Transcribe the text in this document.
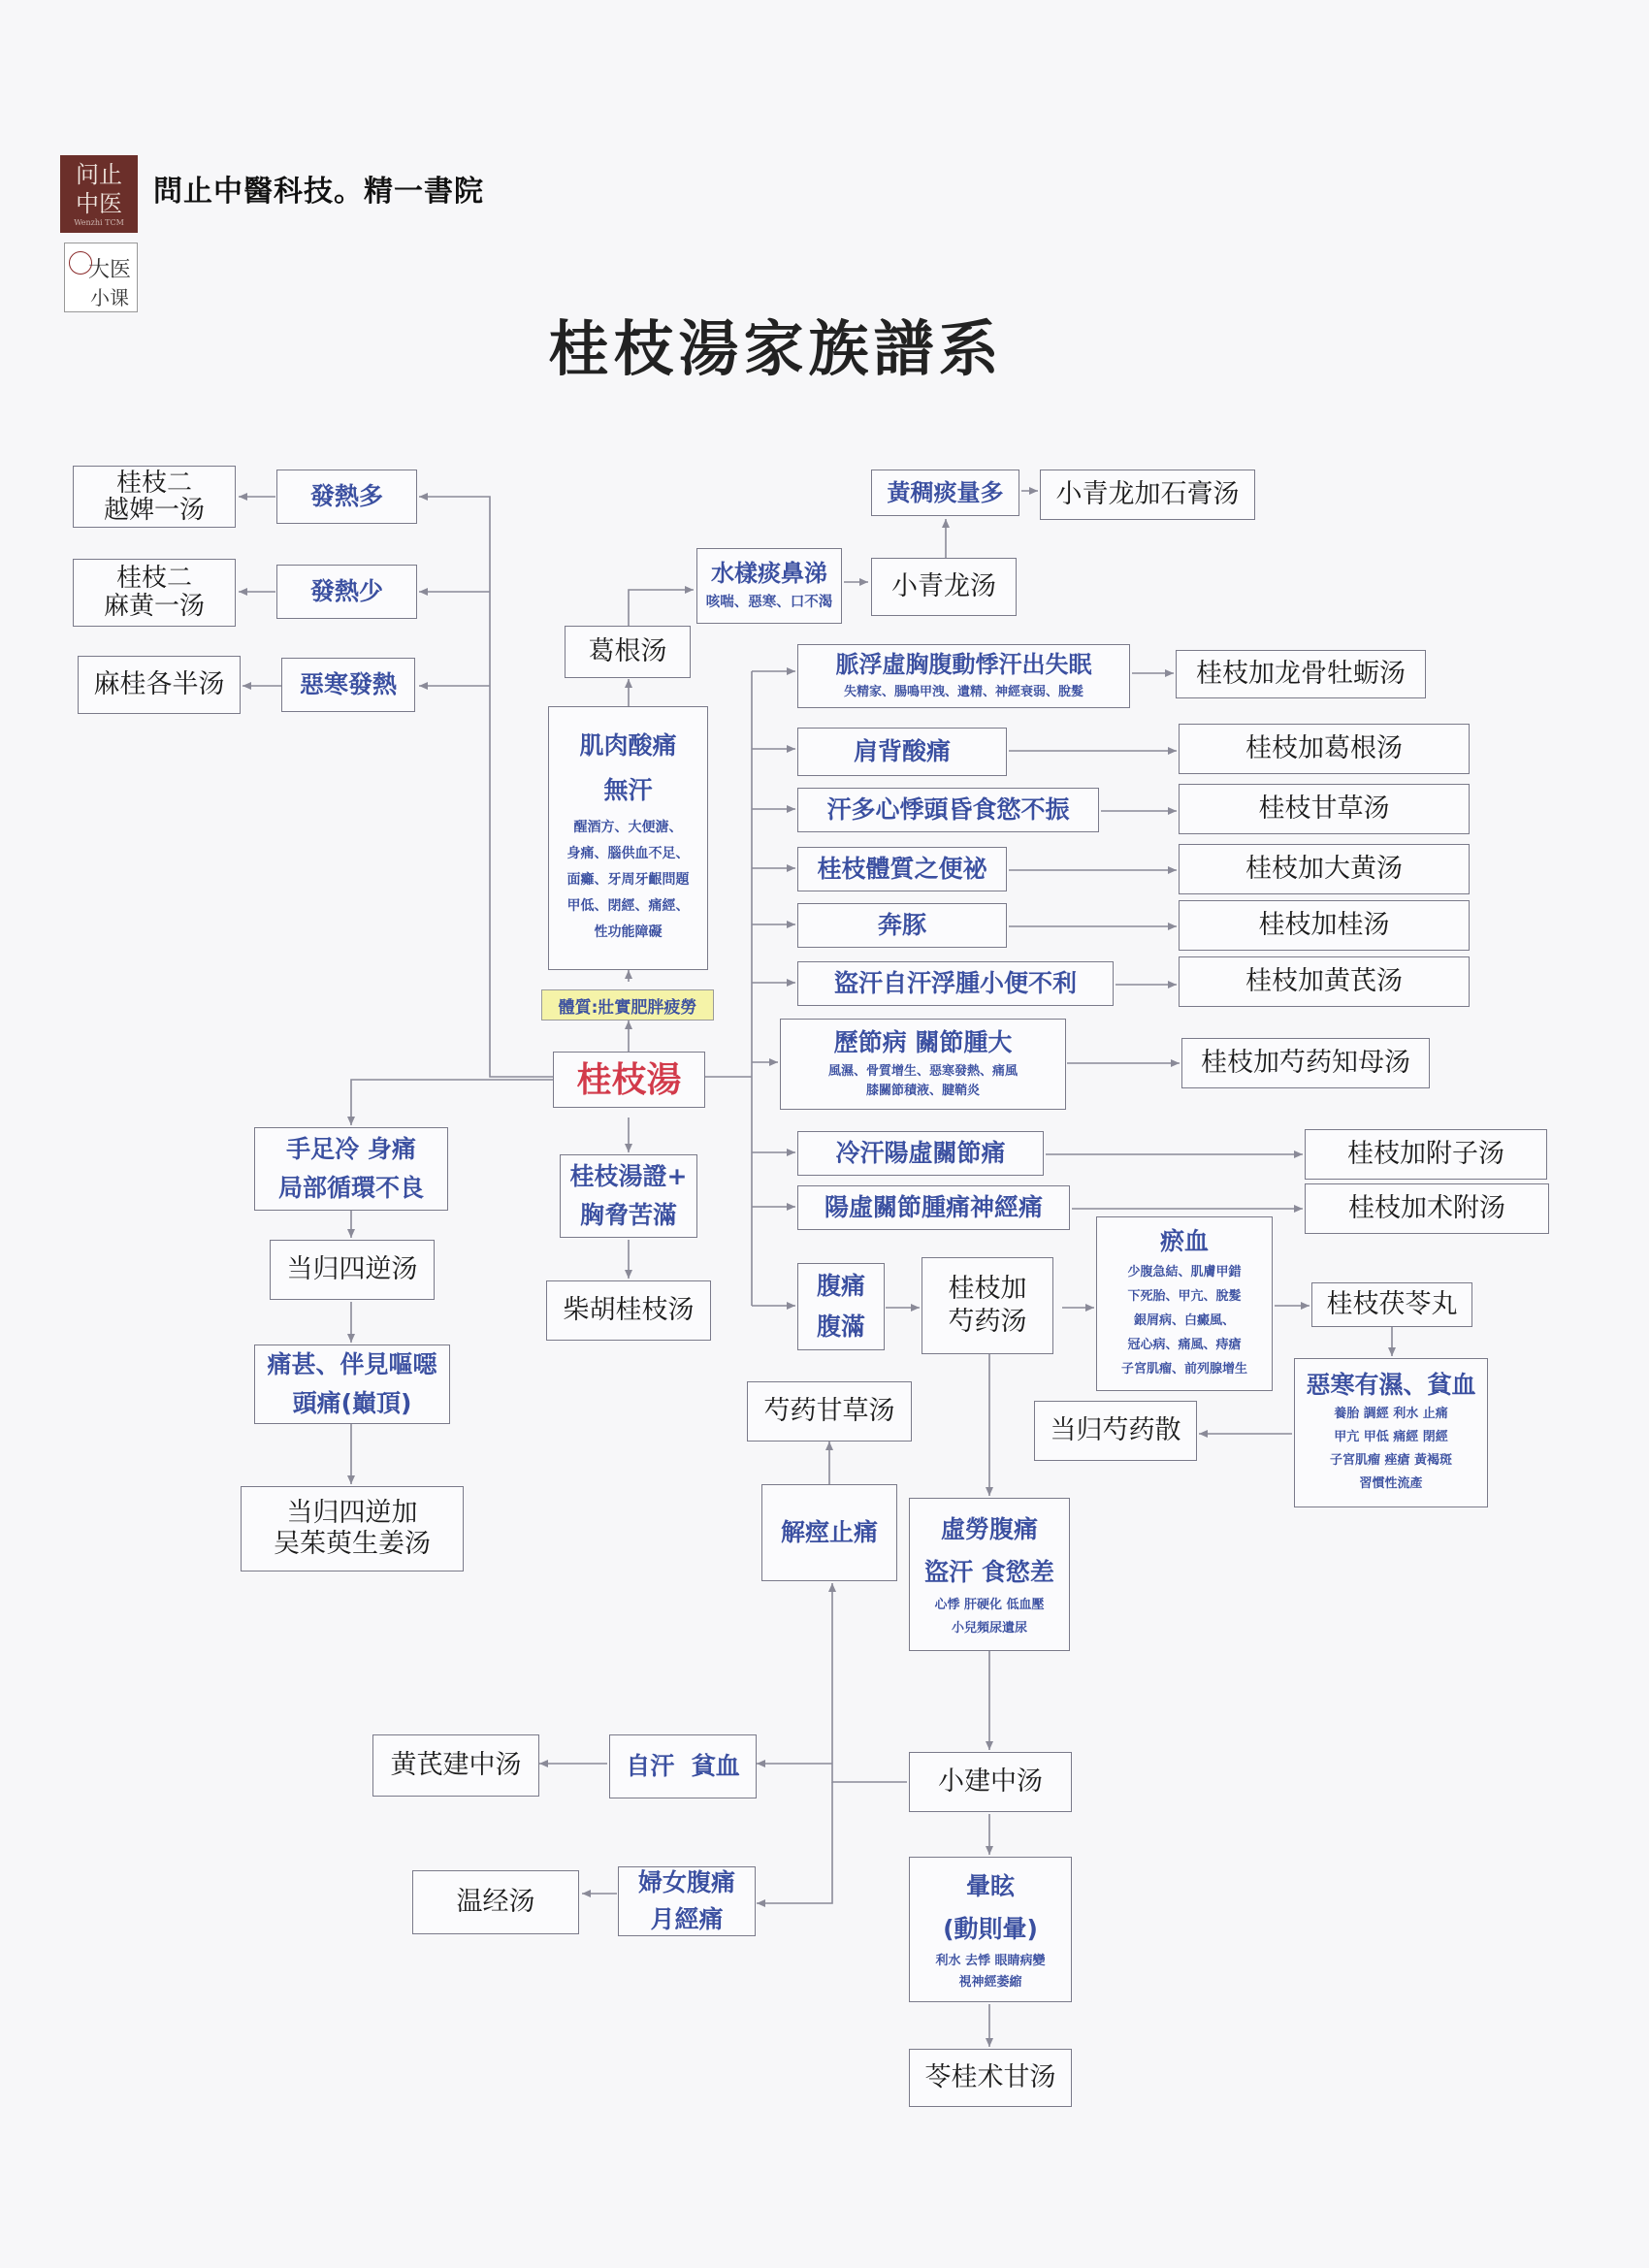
问止
中医
Wenzhi TCM
大医
小课
問止中醫科技。精一書院
桂枝湯家族譜系
桂枝二
越婢一汤	發熱多
桂枝二
麻黄一汤
發熱少
麻桂各半汤	惡寒發熱
小青龙加石膏汤
黃稠痰量多
小青龙汤
水樣痰鼻涕
咳喘、惡寒、口不渴
葛根汤
肌肉酸痛
無汗
醒酒方、大便溏、
身痛、腦供血不足、
面癱、牙周牙齦問題
甲低、閉經、痛經、
性功能障礙
體質:壯實肥胖疲勞
桂枝湯
脈浮虛胸腹動悸汗出失眠
失精家、腸鳴甲洩、遺精、神經衰弱、脫髮
桂枝加龙骨牡蛎汤
肩背酸痛	桂枝加葛根汤
汗多心悸頭昏食慾不振	桂枝甘草汤
桂枝體質之便祕	桂枝加大黄汤
奔豚	桂枝加桂汤
盜汗自汗浮腫小便不利	桂枝加黄芪汤
歷節病 關節腫大
風濕、骨質增生、惡寒發熱、痛風
膝關節積液、腱鞘炎
桂枝加芍药知母汤
冷汗陽虛關節痛	桂枝加附子汤
陽虛關節腫痛神經痛	桂枝加术附汤
手足冷 身痛
局部循環不良
当归四逆汤
痛甚、伴見嘔噁
頭痛(巔頂)
当归四逆加
吴茱萸生姜汤
桂枝湯證+
胸脅苦滿
柴胡桂枝汤
腹痛
腹滿
桂枝加
芍药汤
瘀血
少腹急結、肌膚甲錯
下死胎、甲亢、脫髮
銀屑病、白癜風、
冠心病、痛風、痔瘡
子宮肌瘤、前列腺增生
桂枝茯苓丸
惡寒有濕、貧血
養胎 調經 利水 止痛
甲亢 甲低 痛經 閉經
子宮肌瘤 痤瘡 黃褐斑
習慣性流產
当归芍药散
芍药甘草汤
解痙止痛	虛勞腹痛
盜汗 食慾差
心悸 肝硬化 低血壓
小兒頻尿遺尿
小建中汤
自汗  貧血
黄芪建中汤
婦女腹痛
月經痛
温经汤
暈眩
(動則暈)
利水 去悸 眼睛病變
視神經萎縮
苓桂术甘汤
